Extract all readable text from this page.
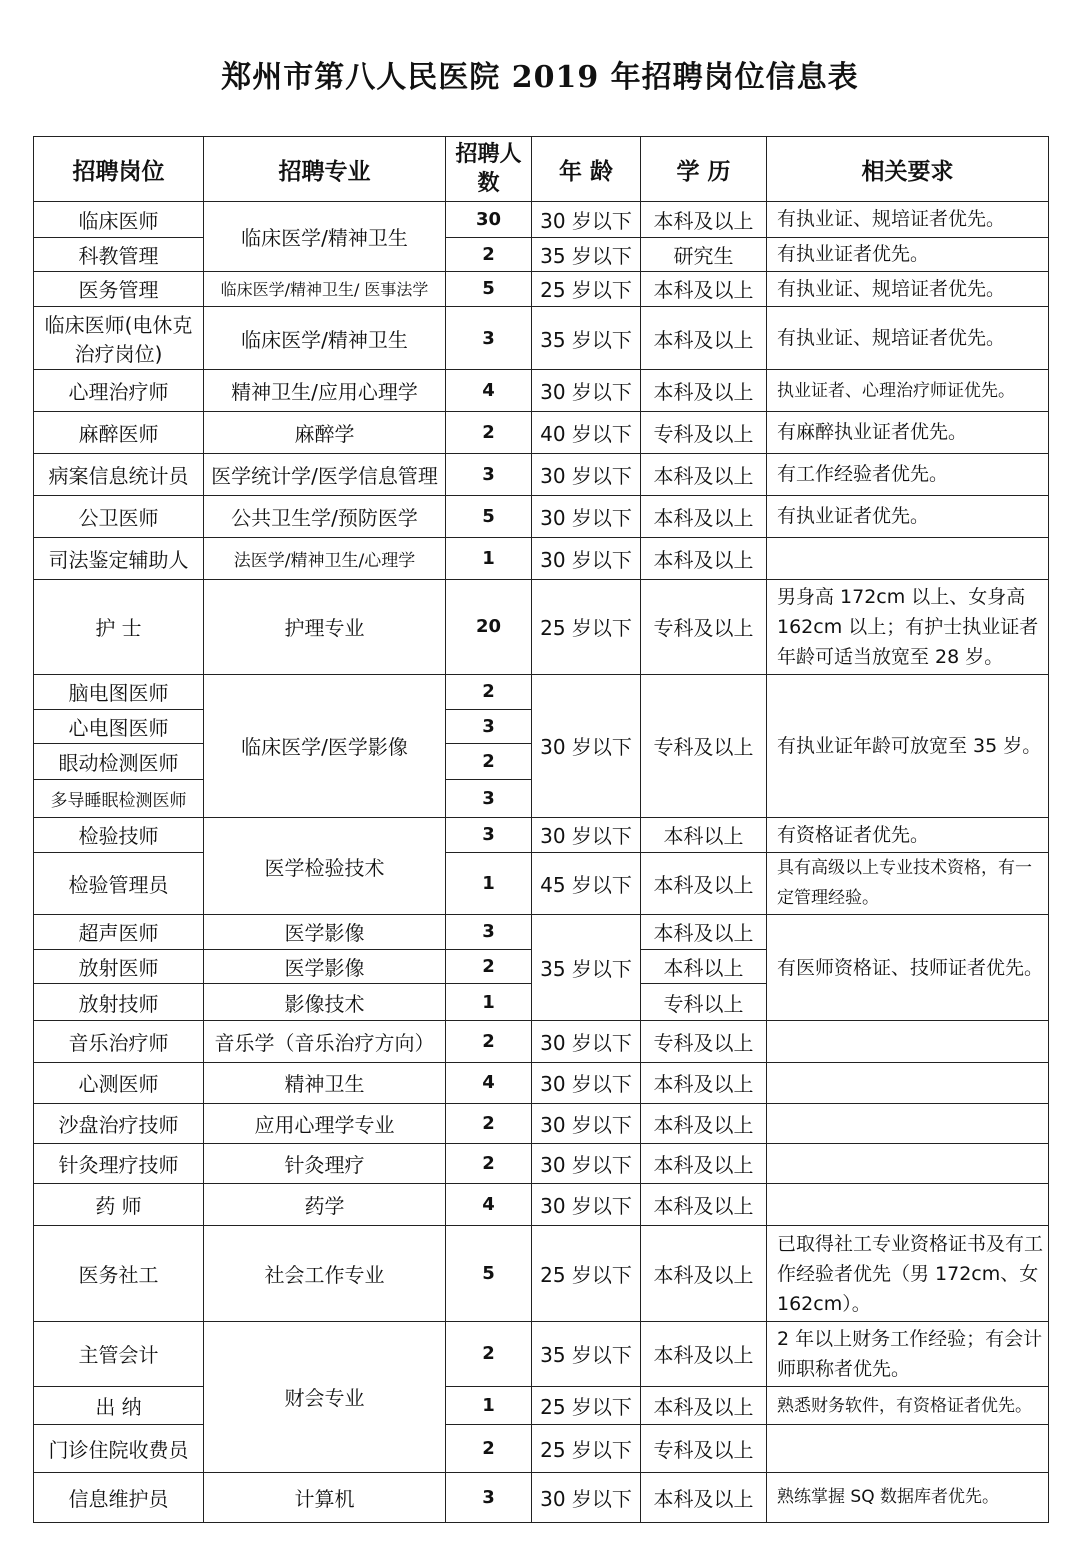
郑州市第八人民医院 2019 年招聘岗位信息表
招聘岗位	招聘专业	招聘人数	年 龄	学 历	相关要求
临床医师	临床医学/精神卫生	30	30 岁以下	本科及以上	有执业证、规培证者优先。
科教管理		2	35 岁以下	研究生	有执业证者优先。
医务管理	临床医学/精神卫生/ 医事法学	5	25 岁以下	本科及以上	有执业证、规培证者优先。
临床医师(电休克治疗岗位)	临床医学/精神卫生	3	35 岁以下	本科及以上	有执业证、规培证者优先。
心理治疗师	精神卫生/应用心理学	4	30 岁以下	本科及以上	执业证者、心理治疗师证优先。
麻醉医师	麻醉学	2	40 岁以下	专科及以上	有麻醉执业证者优先。
病案信息统计员	医学统计学/医学信息管理	3	30 岁以下	本科及以上	有工作经验者优先。
公卫医师	公共卫生学/预防医学	5	30 岁以下	本科及以上	有执业证者优先。
司法鉴定辅助人	法医学/精神卫生/心理学	1	30 岁以下	本科及以上	
护 士	护理专业	20	25 岁以下	专科及以上	男身高 172cm 以上、女身高 162cm 以上；有护士执业证者年龄可适当放宽至 28 岁。
脑电图医师	临床医学/医学影像	2	30 岁以下	专科及以上	有执业证年龄可放宽至 35 岁。
心电图医师		3			
眼动检测医师		2			
多导睡眠检测医师		3			
检验技师	医学检验技术	3	30 岁以下	本科以上	有资格证者优先。
检验管理员		1	45 岁以下	本科及以上	具有高级以上专业技术资格，有一定管理经验。
超声医师	医学影像	3	35 岁以下	本科及以上	有医师资格证、技师证者优先。
放射医师	医学影像	2		本科以上	
放射技师	影像技术	1		专科以上	
音乐治疗师	音乐学（音乐治疗方向）	2	30 岁以下	专科及以上	
心测医师	精神卫生	4	30 岁以下	本科及以上	
沙盘治疗技师	应用心理学专业	2	30 岁以下	本科及以上	
针灸理疗技师	针灸理疗	2	30 岁以下	本科及以上	
药 师	药学	4	30 岁以下	本科及以上	
医务社工	社会工作专业	5	25 岁以下	本科及以上	已取得社工专业资格证书及有工作经验者优先（男 172cm、女 162cm）。
主管会计	财会专业	2	35 岁以下	本科及以上	2 年以上财务工作经验；有会计师职称者优先。
出 纳		1	25 岁以下	本科及以上	熟悉财务软件，有资格证者优先。
门诊住院收费员		2	25 岁以下	专科及以上	
信息维护员	计算机	3	30 岁以下	本科及以上	熟练掌握 SQ 数据库者优先。
